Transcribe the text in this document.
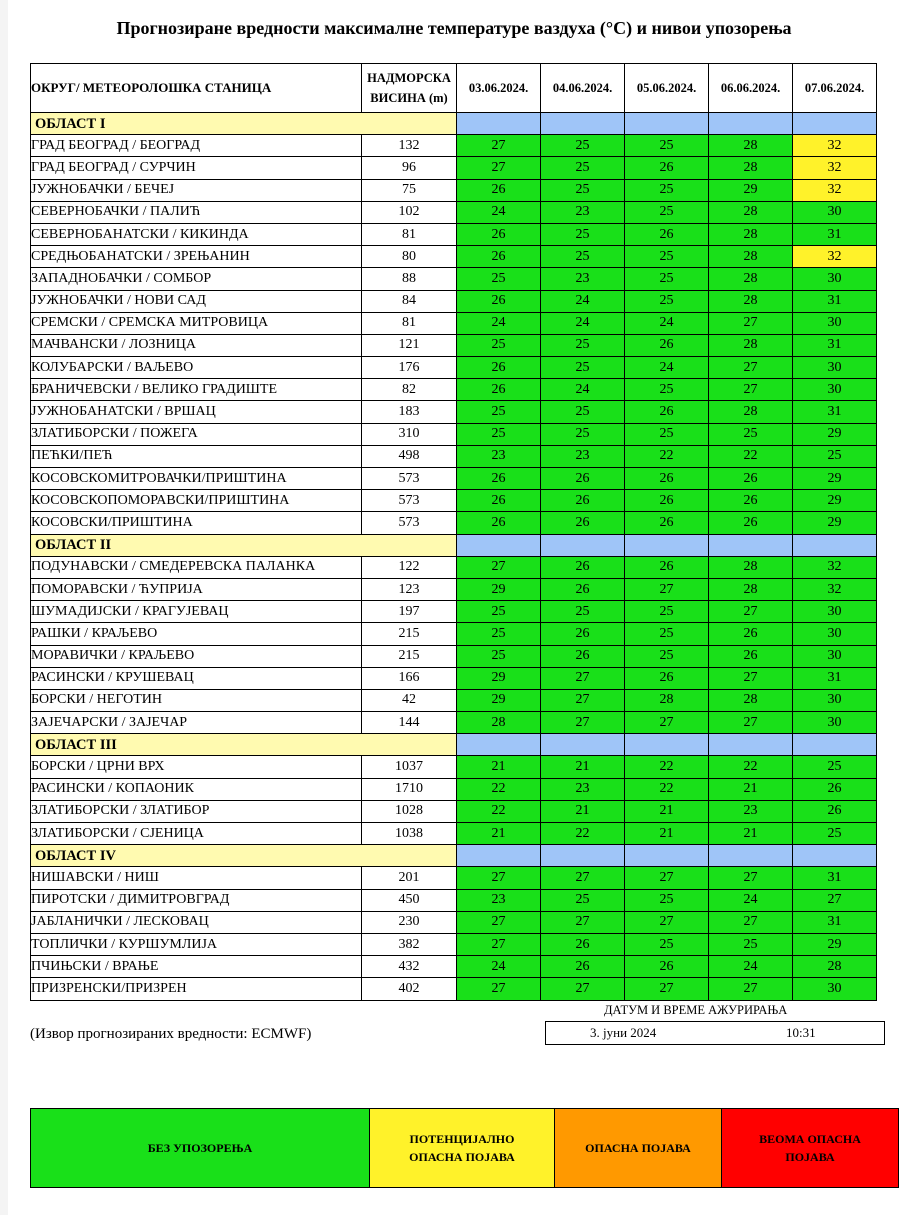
Прогнозиране вредности максималне температуре ваздуха (°C) и нивои упозорења
ОКРУГ/ МЕТЕОРОЛОШКА СТАНИЦА	НАДМОРСКА
ВИСИНА (m)	03.06.2024.	04.06.2024.	05.06.2024.	06.06.2024.	07.06.2024.
ОБЛАСТ I						
ГРАД БЕОГРАД / БЕОГРАД	132	27	25	25	28	32
ГРАД БЕОГРАД / СУРЧИН	96	27	25	26	28	32
ЈУЖНОБАЧКИ / БЕЧЕЈ	75	26	25	25	29	32
СЕВЕРНОБАЧКИ / ПАЛИЋ	102	24	23	25	28	30
СЕВЕРНОБАНАТСКИ / КИКИНДА	81	26	25	26	28	31
СРЕДЊОБАНАТСКИ / ЗРЕЊАНИН	80	26	25	25	28	32
ЗАПАДНОБАЧКИ / СОМБОР	88	25	23	25	28	30
ЈУЖНОБАЧКИ / НОВИ САД	84	26	24	25	28	31
СРЕМСКИ / СРЕМСКА МИТРОВИЦА	81	24	24	24	27	30
МАЧВАНСКИ / ЛОЗНИЦА	121	25	25	26	28	31
КОЛУБАРСКИ / ВАЉЕВО	176	26	25	24	27	30
БРАНИЧЕВСКИ / ВЕЛИКО ГРАДИШТЕ	82	26	24	25	27	30
ЈУЖНОБАНАТСКИ / ВРШАЦ	183	25	25	26	28	31
ЗЛАТИБОРСКИ / ПОЖЕГА	310	25	25	25	25	29
ПЕЋКИ/ПЕЋ	498	23	23	22	22	25
КОСОВСКОМИТРОВАЧКИ/ПРИШТИНА	573	26	26	26	26	29
КОСОВСКОПОМОРАВСКИ/ПРИШТИНА	573	26	26	26	26	29
КОСОВСКИ/ПРИШТИНА	573	26	26	26	26	29
ОБЛАСТ II						
ПОДУНАВСКИ / СМЕДЕРЕВСКА ПАЛАНКА	122	27	26	26	28	32
ПОМОРАВСКИ / ЋУПРИЈА	123	29	26	27	28	32
ШУМАДИЈСКИ / КРАГУЈЕВАЦ	197	25	25	25	27	30
РАШКИ / КРАЉЕВО	215	25	26	25	26	30
МОРАВИЧКИ / КРАЉЕВО	215	25	26	25	26	30
РАСИНСКИ / КРУШЕВАЦ	166	29	27	26	27	31
БОРСКИ / НЕГОТИН	42	29	27	28	28	30
ЗАЈЕЧАРСКИ / ЗАЈЕЧАР	144	28	27	27	27	30
ОБЛАСТ III						
БОРСКИ / ЦРНИ ВРХ	1037	21	21	22	22	25
РАСИНСКИ / КОПАОНИК	1710	22	23	22	21	26
ЗЛАТИБОРСКИ / ЗЛАТИБОР	1028	22	21	21	23	26
ЗЛАТИБОРСКИ / СЈЕНИЦА	1038	21	22	21	21	25
ОБЛАСТ IV						
НИШАВСКИ / НИШ	201	27	27	27	27	31
ПИРОТСКИ / ДИМИТРОВГРАД	450	23	25	25	24	27
ЈАБЛАНИЧКИ / ЛЕСКОВАЦ	230	27	27	27	27	31
ТОПЛИЧКИ / КУРШУМЛИЈА	382	27	26	25	25	29
ПЧИЊСКИ / ВРАЊЕ	432	24	26	26	24	28
ПРИЗРЕНСКИ/ПРИЗРЕН	402	27	27	27	27	30
ДАТУМ И ВРЕМЕ АЖУРИРАЊА
3. јуни 2024	10:31
(Извор прогнозираних вредности: ECMWF)
БЕЗ УПОЗОРЕЊА	ПОТЕНЦИЈАЛНО
ОПАСНА ПОЈАВА	ОПАСНА ПОЈАВА	ВЕОМА ОПАСНА
ПОЈАВА
